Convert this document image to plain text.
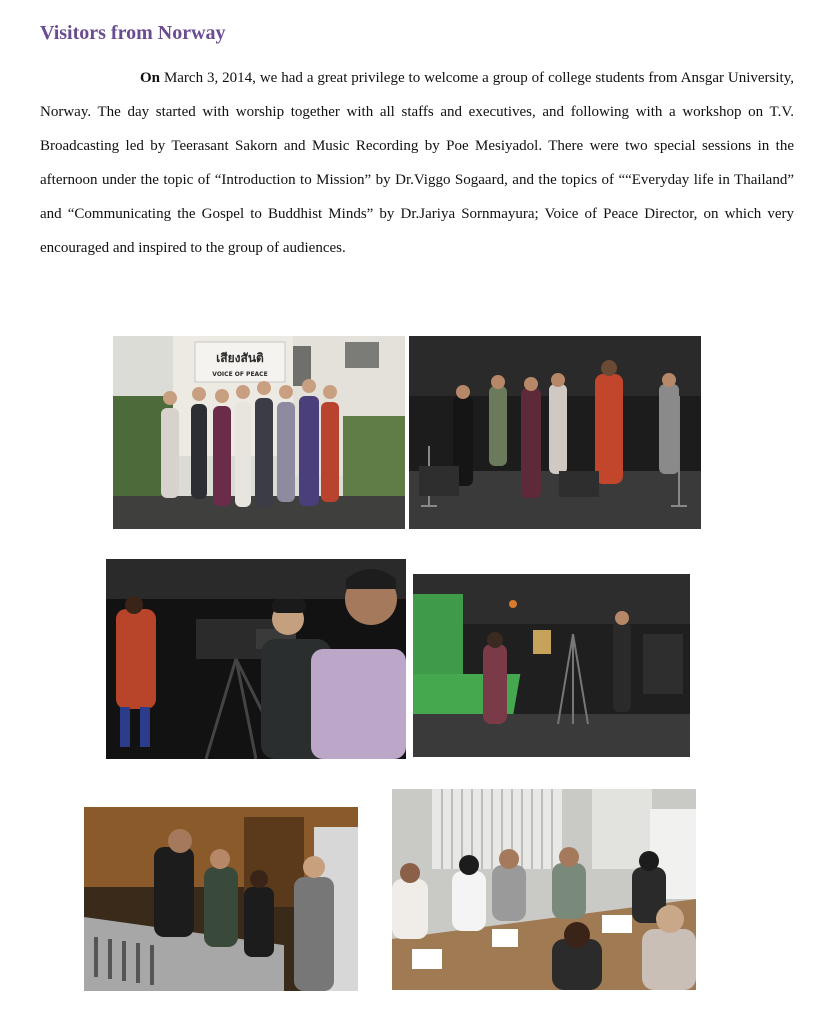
Visitors from Norway
On March 3, 2014, we had a great privilege to welcome a group of college students from Ansgar University, Norway. The day started with worship together with all staffs and executives, and following with a workshop on T.V. Broadcasting led by Teerasant Sakorn and Music Recording by Poe Mesiyadol. There were two special sessions in the afternoon under the topic of “Introduction to Mission” by Dr.Viggo Sogaard, and the topics of ““Everyday life in Thailand” and “Communicating the Gospel to Buddhist Minds” by Dr.Jariya Sornmayura; Voice of Peace Director, on which very encouraged and inspired to the group of audiences.
เสียงสันติ
VOICE OF PEACE
